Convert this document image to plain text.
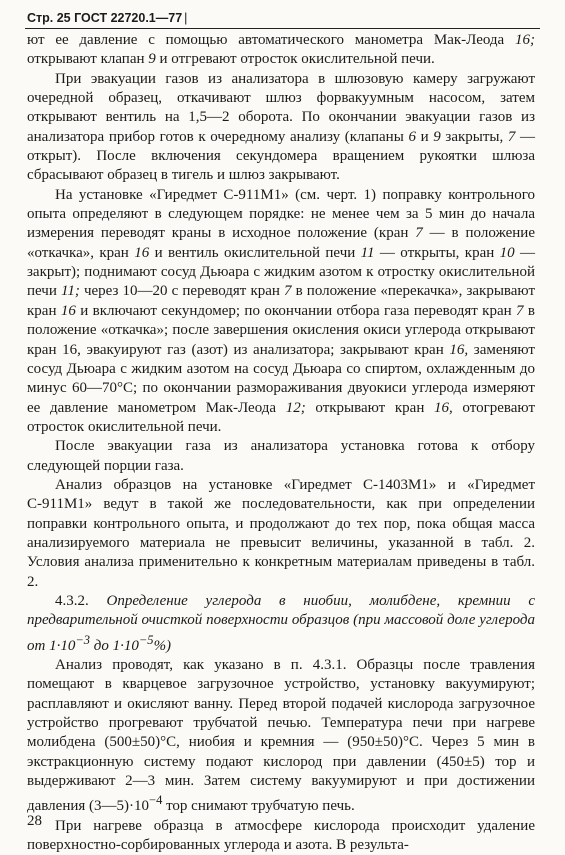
Стр. 25 ГОСТ 22720.1—77 |

ют ее давление с помощью автоматического манометра Мак-Леода 16; открывают клапан 9 и отгревают отросток окислительной печи.

При эвакуации газов из анализатора в шлюзовую камеру загружают очередной образец, откачивают шлюз форвакуумным насосом, затем открывают вентиль на 1,5—2 оборота. По окончании эвакуации газов из анализатора прибор готов к очередному анализу (клапаны 6 и 9 закрыты, 7 — открыт). После включения секундомера вращением рукоятки шлюза сбрасывают образец в тигель и шлюз закрывают.

На установке «Гиредмет С-911М1» (см. черт. 1) поправку контрольного опыта определяют в следующем порядке: не менее чем за 5 мин до начала измерения переводят краны в исходное положение (кран 7 — в положение «откачка», кран 16 и вентиль окислительной печи 11 — открыты, кран 10 — закрыт); поднимают сосуд Дьюара с жидким азотом к отростку окислительной печи 11; через 10—20 с переводят кран 7 в положение «перекачка», закрывают кран 16 и включают секундомер; по окончании отбора газа переводят кран 7 в положение «откачка»; после завершения окисления окиси углерода открывают кран 16, эвакуируют газ (азот) из анализатора; закрывают кран 16, заменяют сосуд Дьюара с жидким азотом на сосуд Дьюара со спиртом, охлажденным до минус 60—70°C; по окончании размораживания двуокиси углерода измеряют ее давление манометром Мак-Леода 12; открывают кран 16, отогревают отросток окислительной печи.

После эвакуации газа из анализатора установка готова к отбору следующей порции газа.

Анализ образцов на установке «Гиредмет С-1403М1» и «Гиредмет С-911М1» ведут в такой же последовательности, как при определении поправки контрольного опыта, и продолжают до тех пор, пока общая масса анализируемого материала не превысит величины, указанной в табл. 2. Условия анализа применительно к конкретным материалам приведены в табл. 2.

4.3.2. Определение углерода в ниобии, молибдене, кремнии с предварительной очисткой поверхности образцов (при массовой доле углерода от $1\cdot 10^{-3}$ до $1\cdot 10^{-5}\%$)

Анализ проводят, как указано в п. 4.3.1. Образцы после травления помещают в кварцевое загрузочное устройство, установку вакуумируют; расплавляют и окисляют ванну. Перед второй подачей кислорода загрузочное устройство прогревают трубчатой печью. Температура печи при нагреве молибдена (500±50)°C, ниобия и кремния — (950±50)°C. Через 5 мин в экстракционную систему подают кислород при давлении (450±5) тор и выдерживают 2—3 мин. Затем систему вакуумируют и при достижении давления $(3—5)\cdot 10^{-4}$ тор снимают трубчатую печь.

При нагреве образца в атмосфере кислорода происходит удаление поверхностно-сорбированных углерода и азота. В результа-

28
